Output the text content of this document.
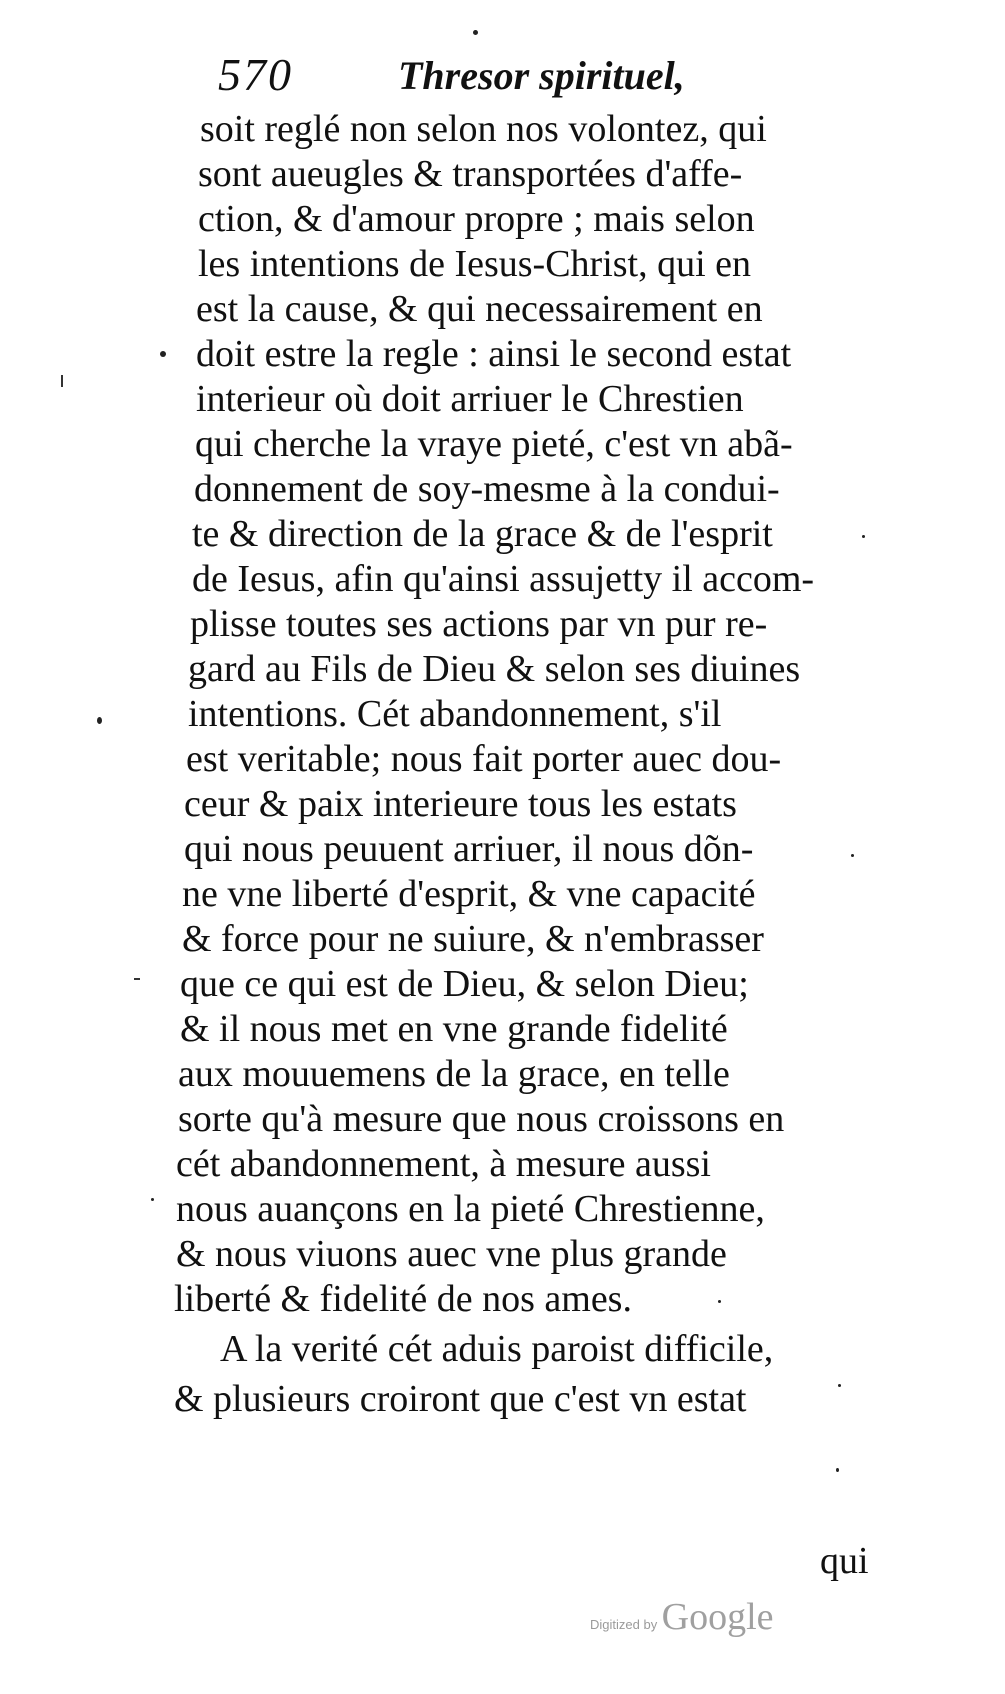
570	Thresor spirituel,
soit reglé non selon nos volontez, qui
sont aueugles & transportées d'affe-
ction, & d'amour propre ; mais selon
les intentions de Iesus-Christ, qui en
est la cause, & qui necessairement en
doit estre la regle : ainsi le second estat
interieur où doit arriuer le Chrestien
qui cherche la vraye pieté, c'est vn abã-
donnement de soy-mesme à la condui-
te & direction de la grace & de l'esprit
de Iesus, afin qu'ainsi assujetty il accom-
plisse toutes ses actions par vn pur re-
gard au Fils de Dieu & selon ses diuines
intentions. Cét abandonnement, s'il
est veritable; nous fait porter auec dou-
ceur & paix interieure tous les estats
qui nous peuuent arriuer, il nous dõn-
ne vne liberté d'esprit, & vne capacité
& force pour ne suiure, & n'embrasser
que ce qui est de Dieu, & selon Dieu;
& il nous met en vne grande fidelité
aux mouuemens de la grace, en telle
sorte qu'à mesure que nous croissons en
cét abandonnement, à mesure aussi
nous auançons en la pieté Chrestienne,
& nous viuons auec vne plus grande
liberté & fidelité de nos ames.
A la verité cét aduis paroist difficile,
& plusieurs croiront que c'est vn estat
qui
Digitized by Google
